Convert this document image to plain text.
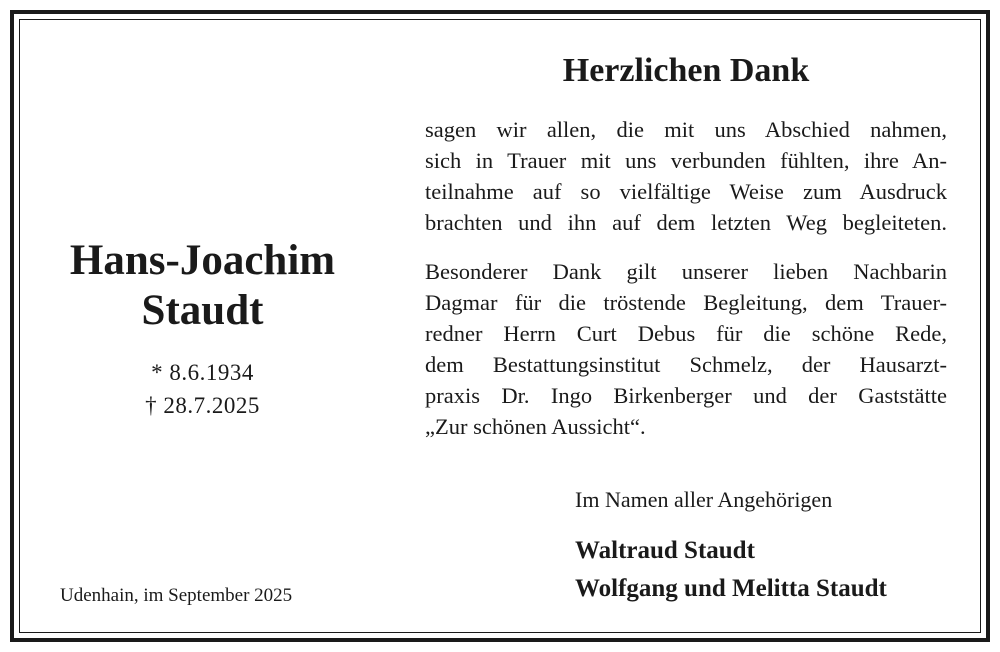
Hans-Joachim
Staudt
* 8.6.1934
† 28.7.2025
Udenhain, im September 2025
Herzlichen Dank
sagen wir allen, die mit uns Abschied nahmen,
sich in Trauer mit uns verbunden fühlten, ihre An-
teilnahme auf so vielfältige Weise zum Ausdruck
brachten und ihn auf dem letzten Weg begleiteten.
Besonderer Dank gilt unserer lieben Nachbarin
Dagmar für die tröstende Begleitung, dem Trauer-
redner Herrn Curt Debus für die schöne Rede,
dem Bestattungsinstitut Schmelz, der Hausarzt-
praxis Dr. Ingo Birkenberger und der Gaststätte
„Zur schönen Aussicht“.
Im Namen aller Angehörigen
Waltraud Staudt
Wolfgang und Melitta Staudt
